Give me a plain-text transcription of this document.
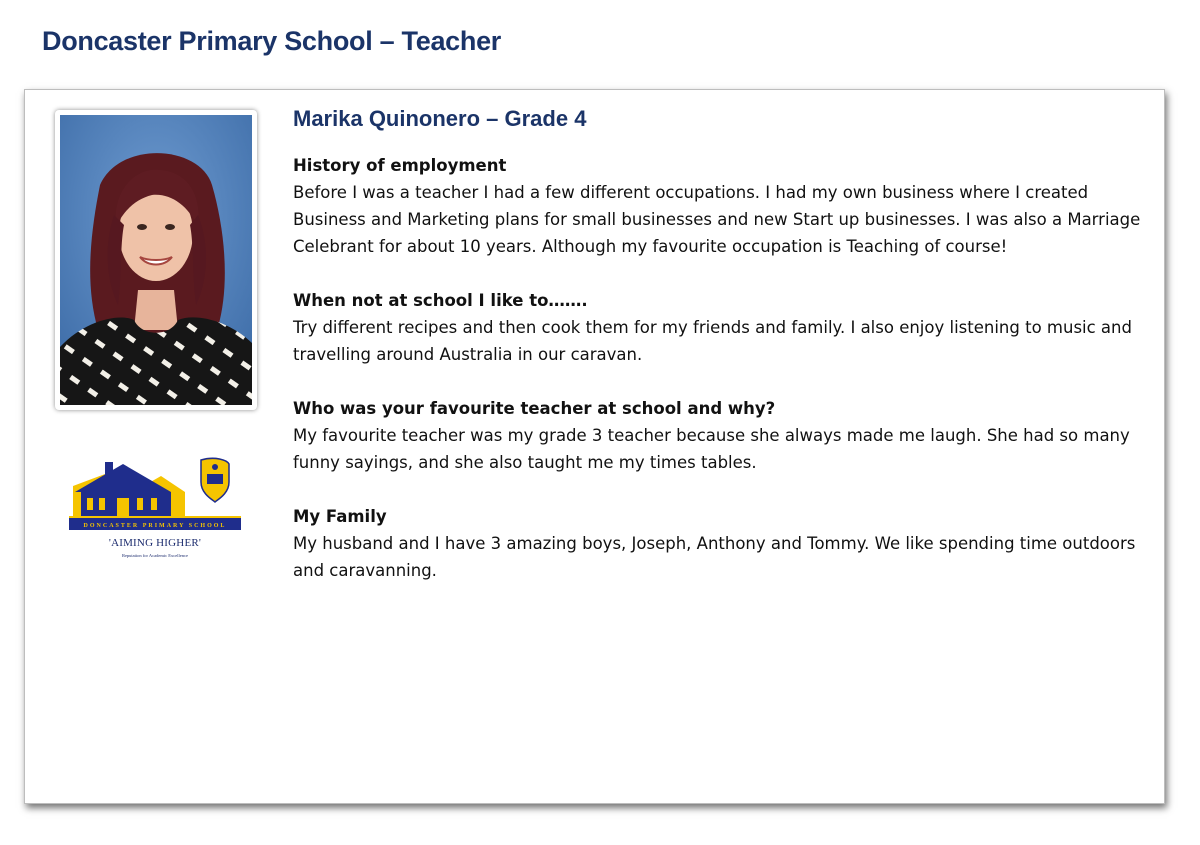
Doncaster Primary School – Teacher
DONCASTER PRIMARY SCHOOL
'AIMING HIGHER'
Reputation for Academic Excellence
Marika Quinonero – Grade 4

History of employment

Before I was a teacher I had a few different occupations. I had my own business where I created Business and Marketing plans for small businesses and new Start up businesses. I was also a Marriage Celebrant for about 10 years. Although my favourite occupation is Teaching of course!

When not at school I like to…….

Try different recipes and then cook them for my friends and family. I also enjoy listening to music and travelling around Australia in our caravan.

Who was your favourite teacher at school and why?

My favourite teacher was my grade 3 teacher because she always made me laugh. She had so many funny sayings, and she also taught me my times tables.

My Family

My husband and I have 3 amazing boys, Joseph, Anthony and Tommy. We like spending time outdoors and caravanning.
